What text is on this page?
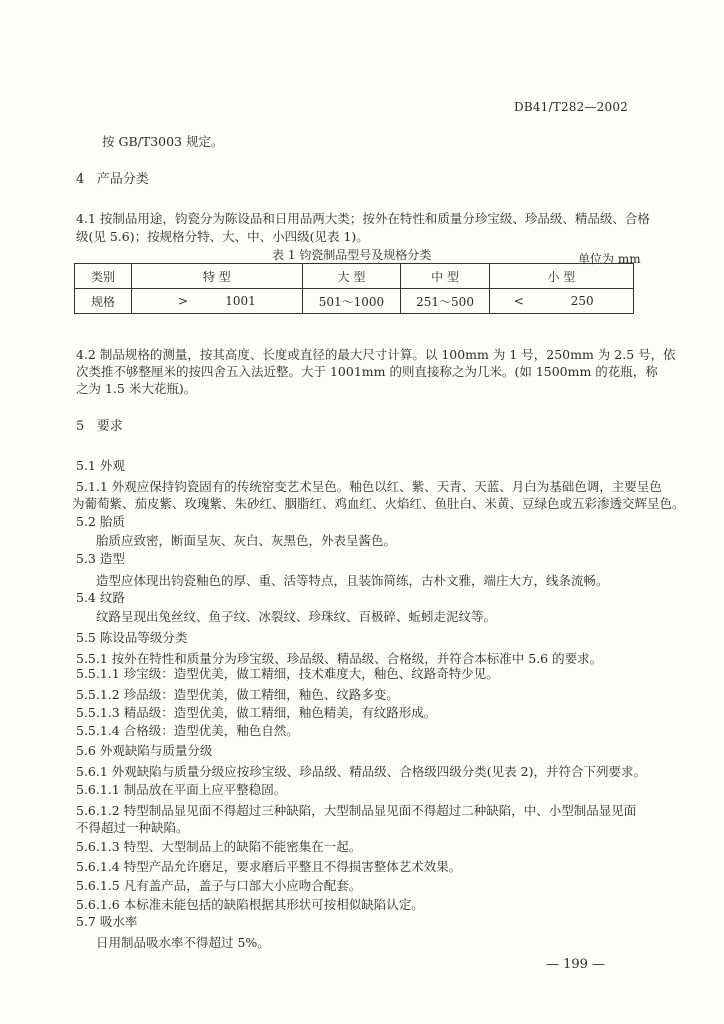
DB41/T282—2002
按 GB/T3003 规定。
4 产品分类
4.1 按制品用途，钧瓷分为陈设品和日用品两大类；按外在特性和质量分珍宝级、珍品级、精品级、合格
级(见 5.6)；按规格分特、大、中、小四级(见表 1)。
表 1 钧瓷制品型号及规格分类	单位为 mm
类别	特 型	大 型	中 型	小 型
规格	> 1001	501～1000	251～500	< 250
4.2 制品规格的测量，按其高度、长度或直径的最大尺寸计算。以 100mm 为 1 号，250mm 为 2.5 号，依
次类推不够整厘米的按四舍五入法近整。大于 1001mm 的则直接称之为几米。(如 1500mm 的花瓶，称
之为 1.5 米大花瓶)。
5 要求
5.1 外观
5.1.1 外观应保持钧瓷固有的传统窑变艺术呈色。釉色以红、紫、天青、天蓝、月白为基础色调，主要呈色
为葡萄紫、茄皮紫、玫瑰紫、朱砂红、胭脂红、鸡血红、火焰红、鱼肚白、米黄、豆绿色或五彩渗透交辉呈色。
5.2 胎质
胎质应致密，断面呈灰、灰白、灰黑色，外表呈酱色。
5.3 造型
造型应体现出钧瓷釉色的厚、重、活等特点，且装饰简练，古朴文雅，端庄大方，线条流畅。
5.4 纹路
纹路呈现出兔丝纹、鱼子纹、冰裂纹、珍珠纹、百极碎、蚯蚓走泥纹等。
5.5 陈设品等级分类
5.5.1 按外在特性和质量分为珍宝级、珍品级、精品级、合格级，并符合本标准中 5.6 的要求。
5.5.1.1 珍宝级：造型优美，做工精细，技术难度大，釉色、纹路奇特少见。
5.5.1.2 珍品级：造型优美，做工精细，釉色、纹路多变。
5.5.1.3 精品级：造型优美，做工精细，釉色精美，有纹路形成。
5.5.1.4 合格级：造型优美，釉色自然。
5.6 外观缺陷与质量分级
5.6.1 外观缺陷与质量分级应按珍宝级、珍品级、精品级、合格级四级分类(见表 2)，并符合下列要求。
5.6.1.1 制品放在平面上应平整稳固。
5.6.1.2 特型制品显见面不得超过三种缺陷，大型制品显见面不得超过二种缺陷，中、小型制品显见面
不得超过一种缺陷。
5.6.1.3 特型、大型制品上的缺陷不能密集在一起。
5.6.1.4 特型产品允许磨足，要求磨后平整且不得损害整体艺术效果。
5.6.1.5 凡有盖产品，盖子与口部大小应吻合配套。
5.6.1.6 本标准未能包括的缺陷根据其形状可按相似缺陷认定。
5.7 吸水率
日用制品吸水率不得超过 5%。
— 199 —
